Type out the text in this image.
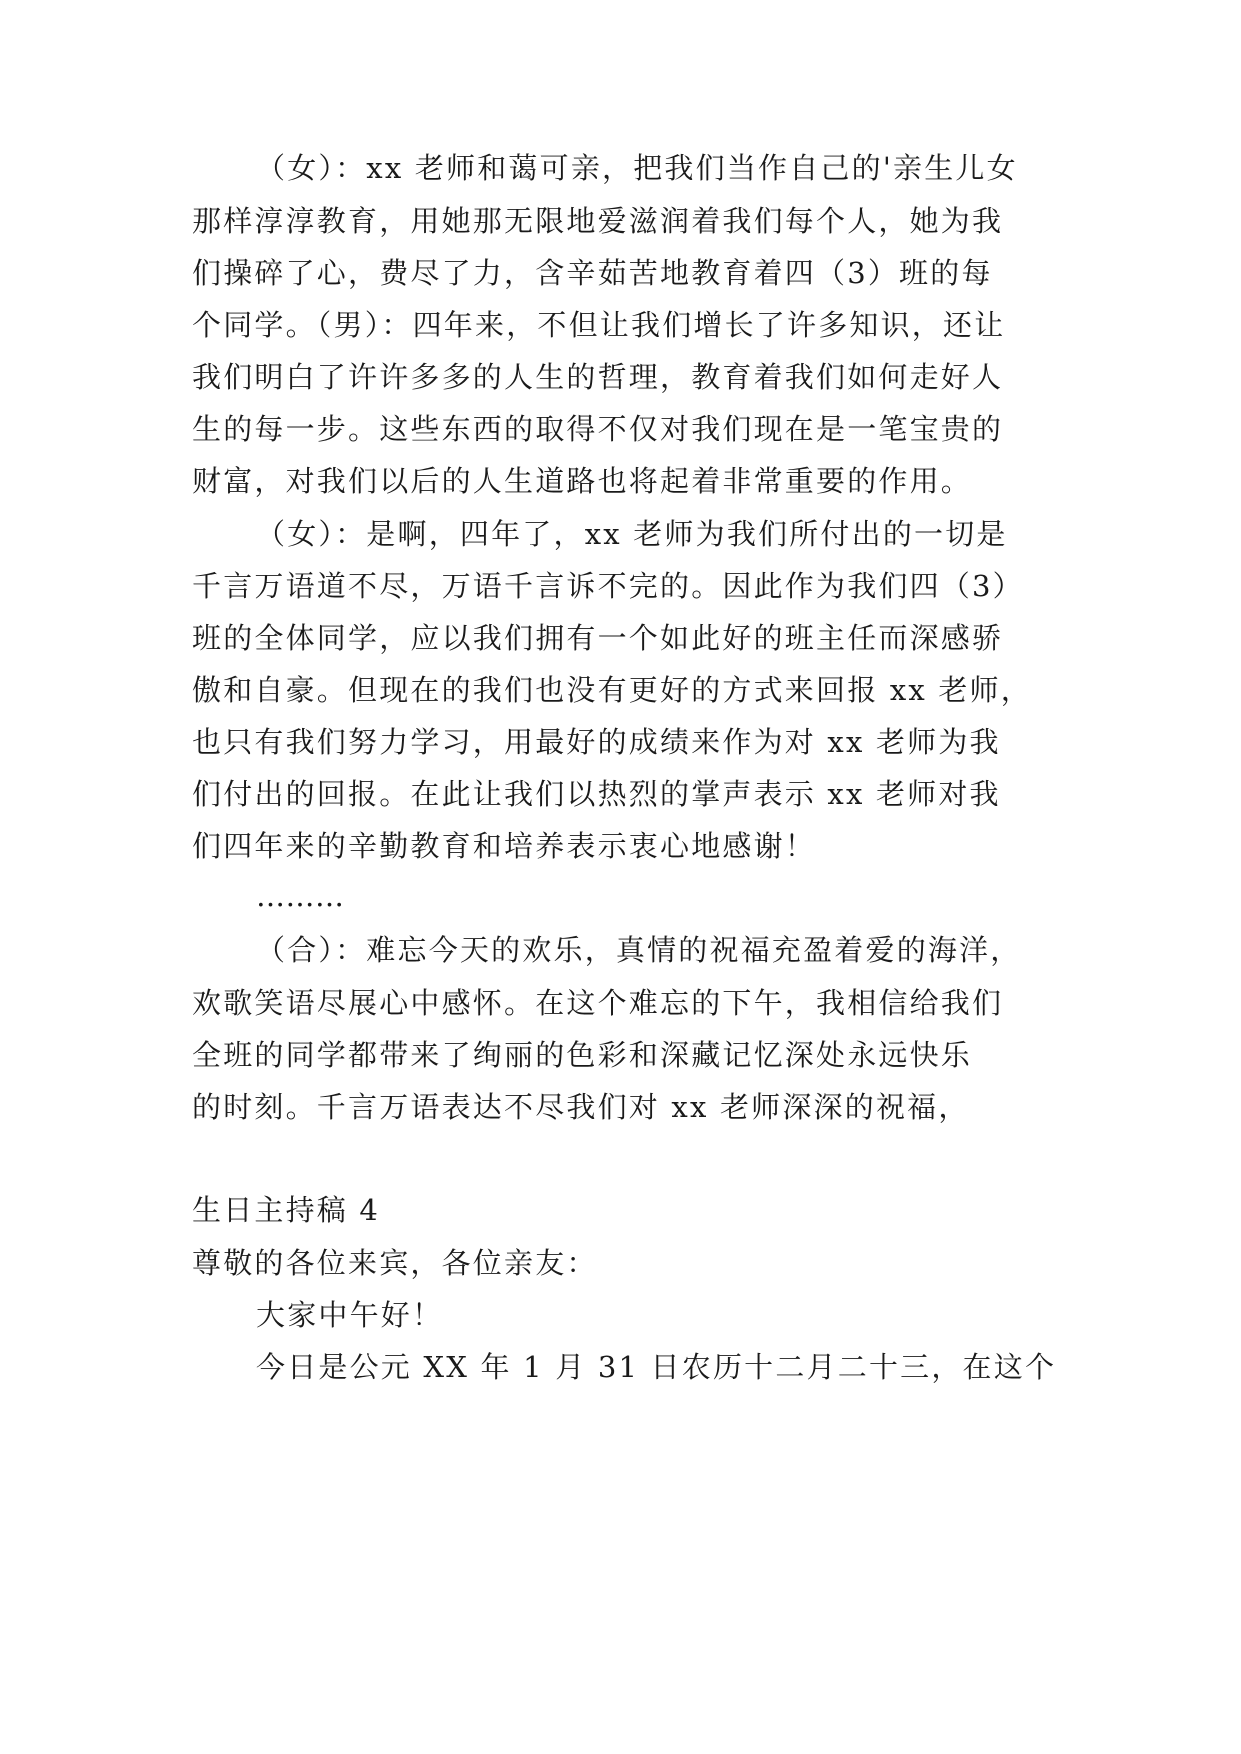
（女）：xx 老师和蔼可亲，把我们当作自己的'亲生儿女

那样淳淳教育，用她那无限地爱滋润着我们每个人，她为我

们操碎了心，费尽了力，含辛茹苦地教育着四（3）班的每

个同学。（男）：四年来，不但让我们增长了许多知识，还让

我们明白了许许多多的人生的哲理，教育着我们如何走好人

生的每一步。这些东西的取得不仅对我们现在是一笔宝贵的

财富，对我们以后的人生道路也将起着非常重要的作用。

（女）：是啊，四年了，xx 老师为我们所付出的一切是

千言万语道不尽，万语千言诉不完的。因此作为我们四（3）

班的全体同学，应以我们拥有一个如此好的班主任而深感骄

傲和自豪。但现在的我们也没有更好的方式来回报 xx 老师，

也只有我们努力学习，用最好的成绩来作为对 xx 老师为我

们付出的回报。在此让我们以热烈的掌声表示 xx 老师对我

们四年来的辛勤教育和培养表示衷心地感谢！

………

（合）：难忘今天的欢乐，真情的祝福充盈着爱的海洋，

欢歌笑语尽展心中感怀。在这个难忘的下午，我相信给我们

全班的同学都带来了绚丽的色彩和深藏记忆深处永远快乐

的时刻。千言万语表达不尽我们对 xx 老师深深的祝福，

生日主持稿 4

尊敬的各位来宾，各位亲友：

大家中午好！

今日是公元 XX 年 1 月 31 日农历十二月二十三，在这个
